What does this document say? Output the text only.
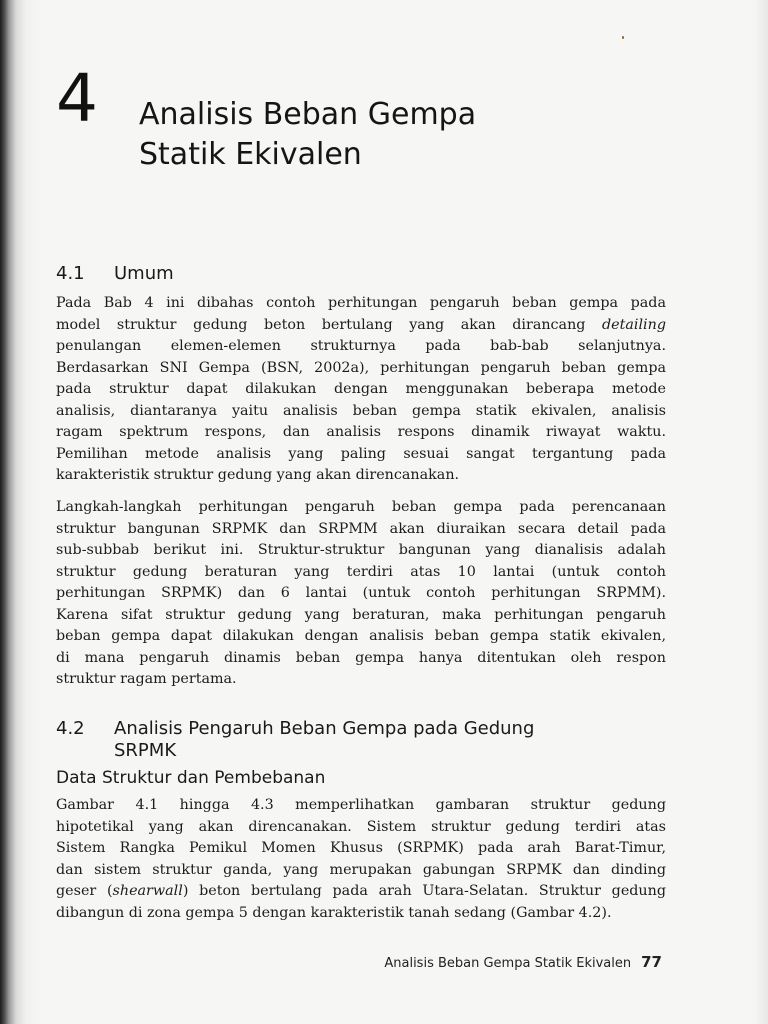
4 Analisis Beban Gempa
Statik Ekivalen
4.1 Umum
Pada Bab 4 ini dibahas contoh perhitungan pengaruh beban gempa pada
model struktur gedung beton bertulang yang akan dirancang detailing
penulangan elemen-elemen strukturnya pada bab-bab selanjutnya.
Berdasarkan SNI Gempa (BSN, 2002a), perhitungan pengaruh beban gempa
pada struktur dapat dilakukan dengan menggunakan beberapa metode
analisis, diantaranya yaitu analisis beban gempa statik ekivalen, analisis
ragam spektrum respons, dan analisis respons dinamik riwayat waktu.
Pemilihan metode analisis yang paling sesuai sangat tergantung pada
karakteristik struktur gedung yang akan direncanakan.
Langkah-langkah perhitungan pengaruh beban gempa pada perencanaan
struktur bangunan SRPMK dan SRPMM akan diuraikan secara detail pada
sub-subbab berikut ini. Struktur-struktur bangunan yang dianalisis adalah
struktur gedung beraturan yang terdiri atas 10 lantai (untuk contoh
perhitungan SRPMK) dan 6 lantai (untuk contoh perhitungan SRPMM).
Karena sifat struktur gedung yang beraturan, maka perhitungan pengaruh
beban gempa dapat dilakukan dengan analisis beban gempa statik ekivalen,
di mana pengaruh dinamis beban gempa hanya ditentukan oleh respon
struktur ragam pertama.
4.2 Analisis Pengaruh Beban Gempa pada Gedung
SRPMK
Data Struktur dan Pembebanan
Gambar 4.1 hingga 4.3 memperlihatkan gambaran struktur gedung
hipotetikal yang akan direncanakan. Sistem struktur gedung terdiri atas
Sistem Rangka Pemikul Momen Khusus (SRPMK) pada arah Barat-Timur,
dan sistem struktur ganda, yang merupakan gabungan SRPMK dan dinding
geser (shearwall) beton bertulang pada arah Utara-Selatan. Struktur gedung
dibangun di zona gempa 5 dengan karakteristik tanah sedang (Gambar 4.2).
Analisis Beban Gempa Statik Ekivalen 77
